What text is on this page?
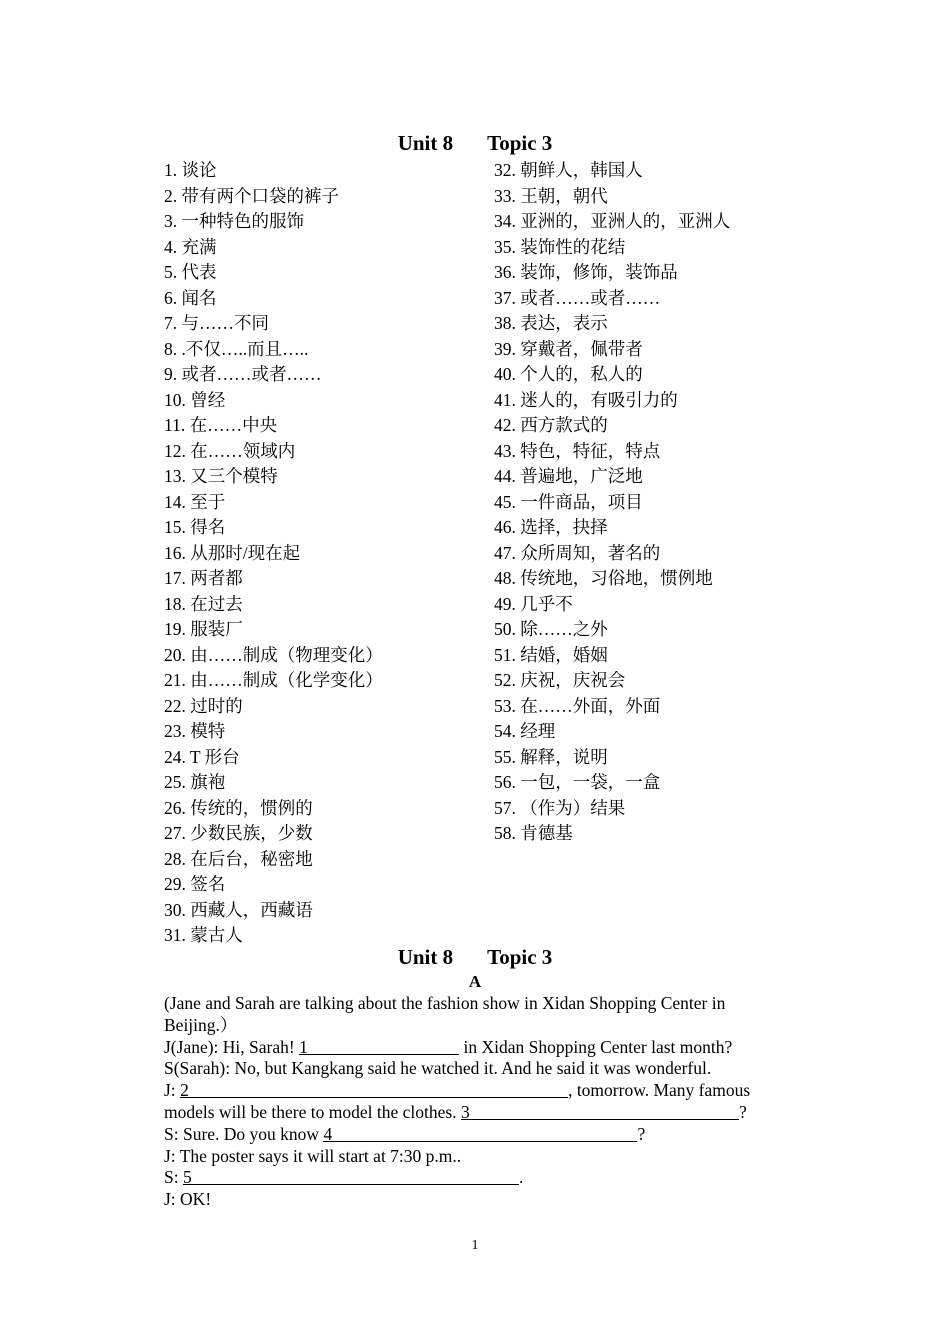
Unit 8 Topic 3
1. 谈论
2. 带有两个口袋的裤子
3. 一种特色的服饰
4. 充满
5. 代表
6. 闻名
7. 与……不同
8. .不仅…..而且…..
9. 或者……或者……
10. 曾经
11. 在……中央
12. 在……领域内
13. 又三个模特
14. 至于
15. 得名
16. 从那时/现在起
17. 两者都
18. 在过去
19. 服装厂
20. 由……制成（物理变化）
21. 由……制成（化学变化）
22. 过时的
23. 模特
24. T 形台
25. 旗袍
26. 传统的，惯例的
27. 少数民族，少数
28. 在后台，秘密地
29. 签名
30. 西藏人，西藏语
31. 蒙古人
32. 朝鲜人，韩国人
33. 王朝，朝代
34. 亚洲的，亚洲人的，亚洲人
35. 装饰性的花结
36. 装饰，修饰，装饰品
37. 或者……或者……
38. 表达，表示
39. 穿戴者，佩带者
40. 个人的，私人的
41. 迷人的，有吸引力的
42. 西方款式的
43. 特色，特征，特点
44. 普遍地，广泛地
45. 一件商品，项目
46. 选择，抉择
47. 众所周知，著名的
48. 传统地，习俗地，惯例地
49. 几乎不
50. 除……之外
51. 结婚，婚姻
52. 庆祝，庆祝会
53. 在……外面，外面
54. 经理
55. 解释，说明
56. 一包，一袋，一盒
57. （作为）结果
58. 肯德基
Unit 8 Topic 3
A
(Jane and Sarah are talking about the fashion show in Xidan Shopping Center in Beijing.）
J(Jane): Hi, Sarah! 1	in Xidan Shopping Center last month?
S(Sarah): No, but Kangkang said he watched it. And he said it was wonderful.
J: 2	, tomorrow. Many famous
models will be there to model the clothes. 3	?
S: Sure. Do you know 4	?
J: The poster says it will start at 7:30 p.m..
S: 5	.
J: OK!
1
